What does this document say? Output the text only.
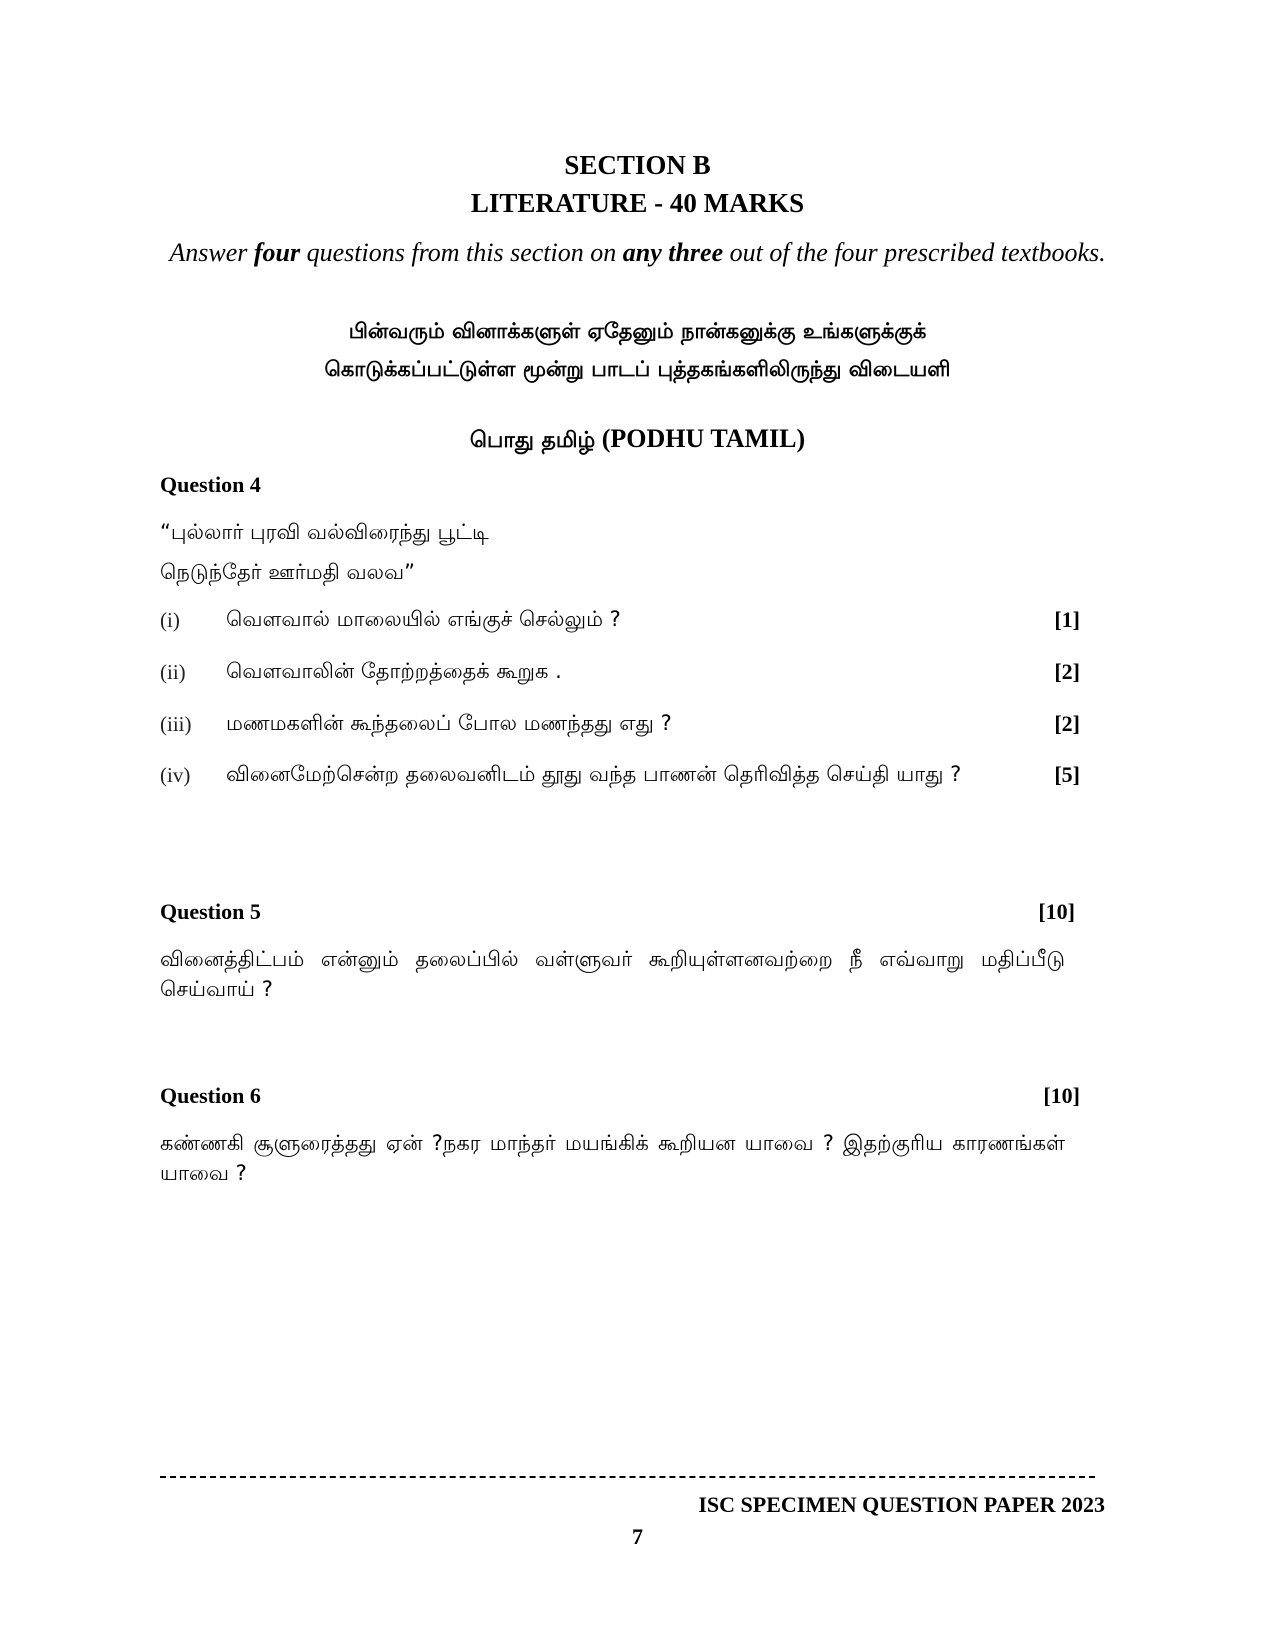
SECTION B
LITERATURE - 40 MARKS
Answer four questions from this section on any three out of the four prescribed textbooks.
பின்வரும் வினாக்களுள் ஏதேனும் நான்கனுக்கு உங்களுக்குக்
கொடுக்கப்பட்டுள்ள மூன்று பாடப் புத்தகங்களிலிருந்து விடையளி
பொது தமிழ் (PODHU TAMIL)
Question 4
“புல்லார் புரவி வல்விரைந்து பூட்டி
நெடுந்தேர் ஊர்மதி வலவ”
(i) வெளவால் மாலையில் எங்குச் செல்லும் ?	[1]
(ii) வெளவாலின் தோற்றத்தைக் கூறுக .	[2]
(iii) மணமகளின் கூந்தலைப் போல மணந்தது எது ?	[2]
(iv) வினைமேற்சென்ற தலைவனிடம் தூது வந்த பாணன் தெரிவித்த செய்தி யாது ?	[5]
Question 5	[10]
வினைத்திட்பம் என்னும் தலைப்பில் வள்ளுவர் கூறியுள்ளனவற்றை நீ எவ்வாறு மதிப்பீடு செய்வாய் ?
Question 6	[10]
கண்ணகி சூளுரைத்தது ஏன் ?நகர மாந்தர் மயங்கிக் கூறியன யாவை ? இதற்குரிய காரணங்கள் யாவை ?
ISC SPECIMEN QUESTION PAPER 2023
7
